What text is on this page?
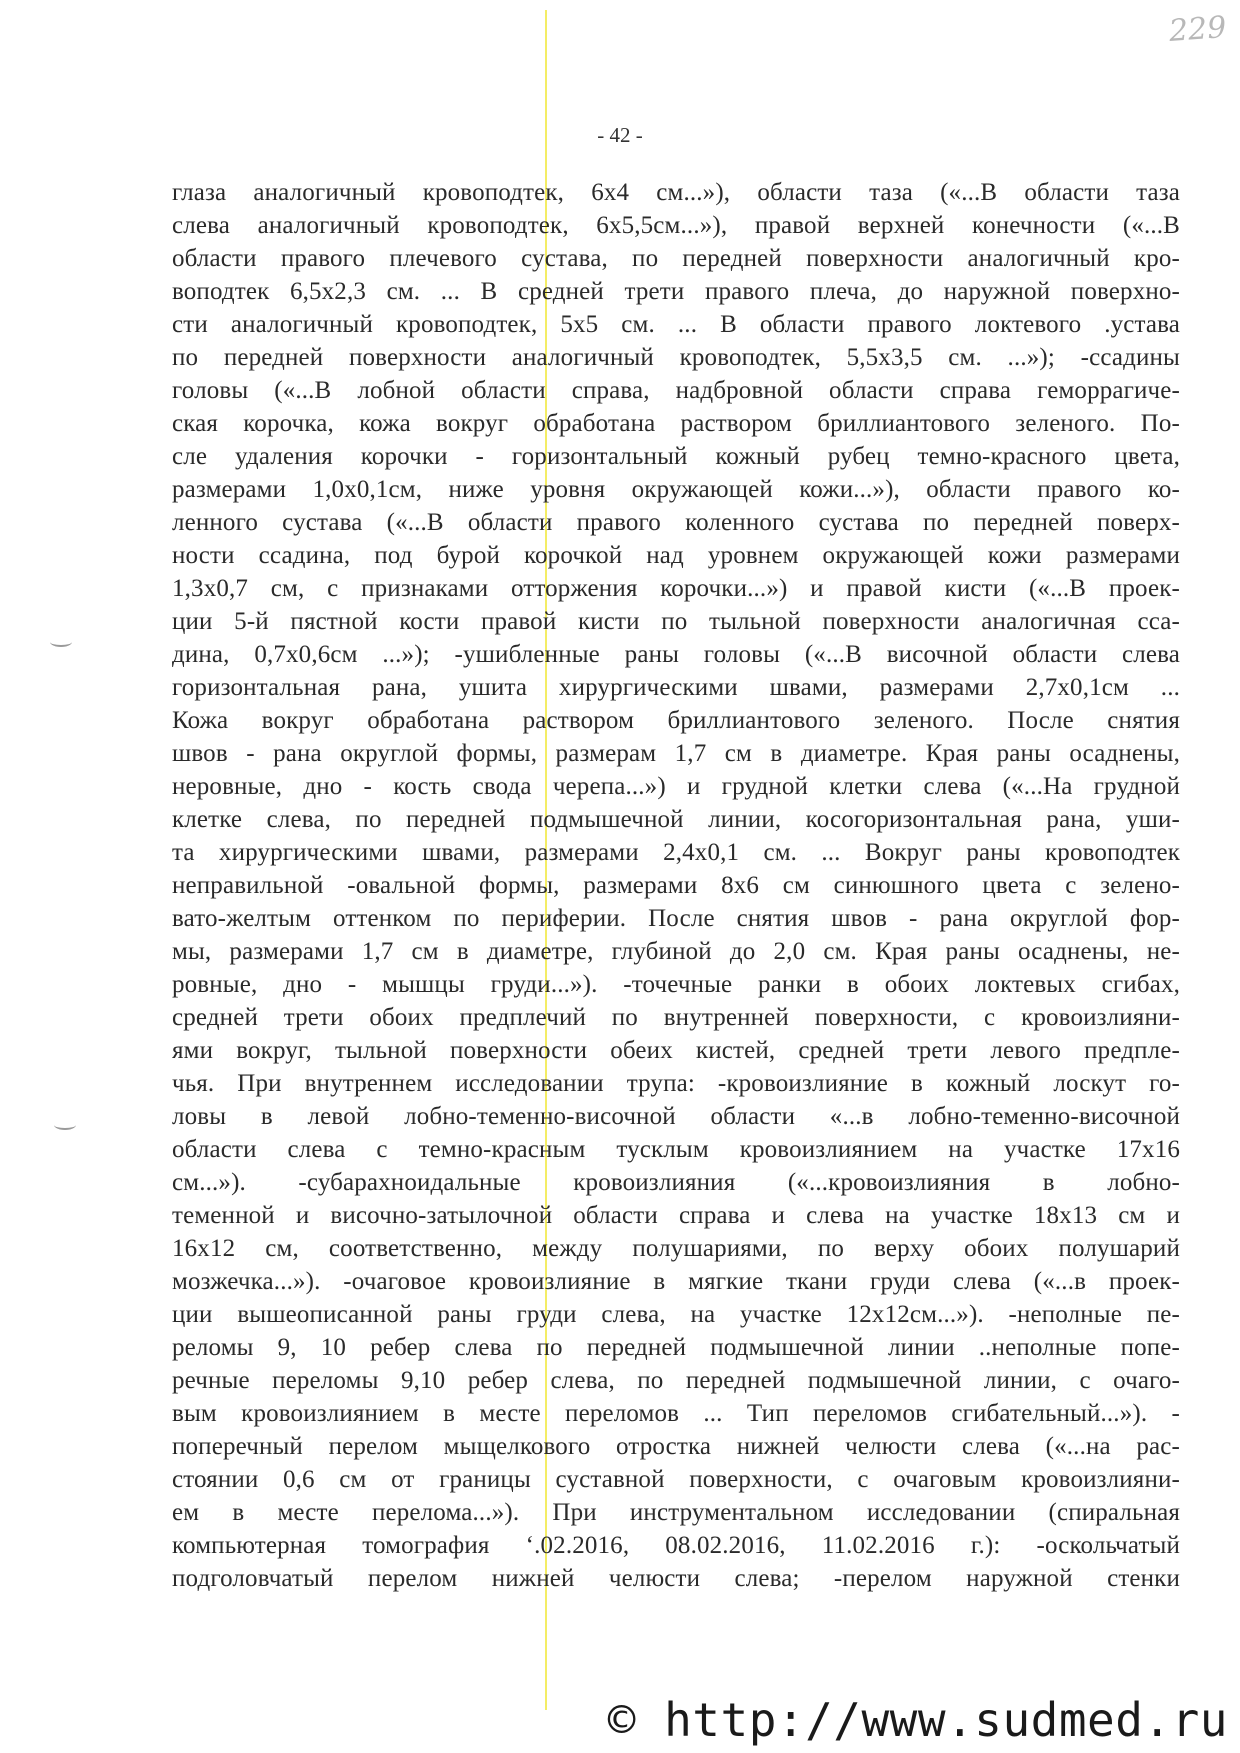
229
- 42 -
глаза аналогичный кровоподтек, 6х4 см...»), области таза («...В области таза
слева аналогичный кровоподтек, 6х5,5см...»), правой верхней конечности («...В
области правого плечевого сустава, по передней поверхности аналогичный кро-
воподтек 6,5х2,3 см. ... В средней трети правого плеча, до наружной поверхно-
сти аналогичный кровоподтек, 5х5 см. ... В области правого локтевого .устава
по передней поверхности аналогичный кровоподтек, 5,5х3,5 см. ...»); -ссадины
головы («...В лобной области справа, надбровной области справа геморрагиче-
ская корочка, кожа вокруг обработана раствором бриллиантового зеленого. По-
сле удаления корочки - горизонтальный кожный рубец темно-красного цвета,
размерами 1,0х0,1см, ниже уровня окружающей кожи...»), области правого ко-
ленного сустава («...В области правого коленного сустава по передней поверх-
ности ссадина, под бурой корочкой над уровнем окружающей кожи размерами
1,3х0,7 см, с признаками отторжения корочки...») и правой кисти («...В проек-
ции 5-й пястной кости правой кисти по тыльной поверхности аналогичная сса-
дина, 0,7х0,6см ...»); -ушибленные раны головы («...В височной области слева
горизонтальная рана, ушита хирургическими швами, размерами 2,7х0,1см ...
Кожа вокруг обработана раствором бриллиантового зеленого. После снятия
швов - рана округлой формы, размерам 1,7 см в диаметре. Края раны осаднены,
неровные, дно - кость свода черепа...») и грудной клетки слева («...На грудной
клетке слева, по передней подмышечной линии, косогоризонтальная рана, уши-
та хирургическими швами, размерами 2,4х0,1 см. ... Вокруг раны кровоподтек
неправильной -овальной формы, размерами 8х6 см синюшного цвета с зелено-
вато-желтым оттенком по периферии. После снятия швов - рана округлой фор-
мы, размерами 1,7 см в диаметре, глубиной до 2,0 см. Края раны осаднены, не-
ровные, дно - мышцы груди...»). -точечные ранки в обоих локтевых сгибах,
средней трети обоих предплечий по внутренней поверхности, с кровоизлияни-
ями вокруг, тыльной поверхности обеих кистей, средней трети левого предпле-
чья. При внутреннем исследовании трупа: -кровоизлияние в кожный лоскут го-
ловы в левой лобно-теменно-височной области «...в лобно-теменно-височной
области слева с темно-красным тусклым кровоизлиянием на участке 17х16
см...»). -субарахноидальные кровоизлияния («...кровоизлияния в лобно-
теменной и височно-затылочной области справа и слева на участке 18х13 см и
16х12 см, соответственно, между полушариями, по верху обоих полушарий
мозжечка...»). -очаговое кровоизлияние в мягкие ткани груди слева («...в проек-
ции вышеописанной раны груди слева, на участке 12х12см...»). -неполные пе-
реломы 9, 10 ребер слева по передней подмышечной линии ..неполные попе-
речные переломы 9,10 ребер слева, по передней подмышечной линии, с очаго-
вым кровоизлиянием в месте переломов ... Тип переломов сгибательный...»). -
поперечный перелом мыщелкового отростка нижней челюсти слева («...на рас-
стоянии 0,6 см от границы суставной поверхности, с очаговым кровоизлияни-
ем в месте перелома...»). При инструментальном исследовании (спиральная
компьютерная томография ‘.02.2016, 08.02.2016, 11.02.2016 г.): -оскольчатый
подголовчатый перелом нижней челюсти слева; -перелом наружной стенки
© http://www.sudmed.ru
